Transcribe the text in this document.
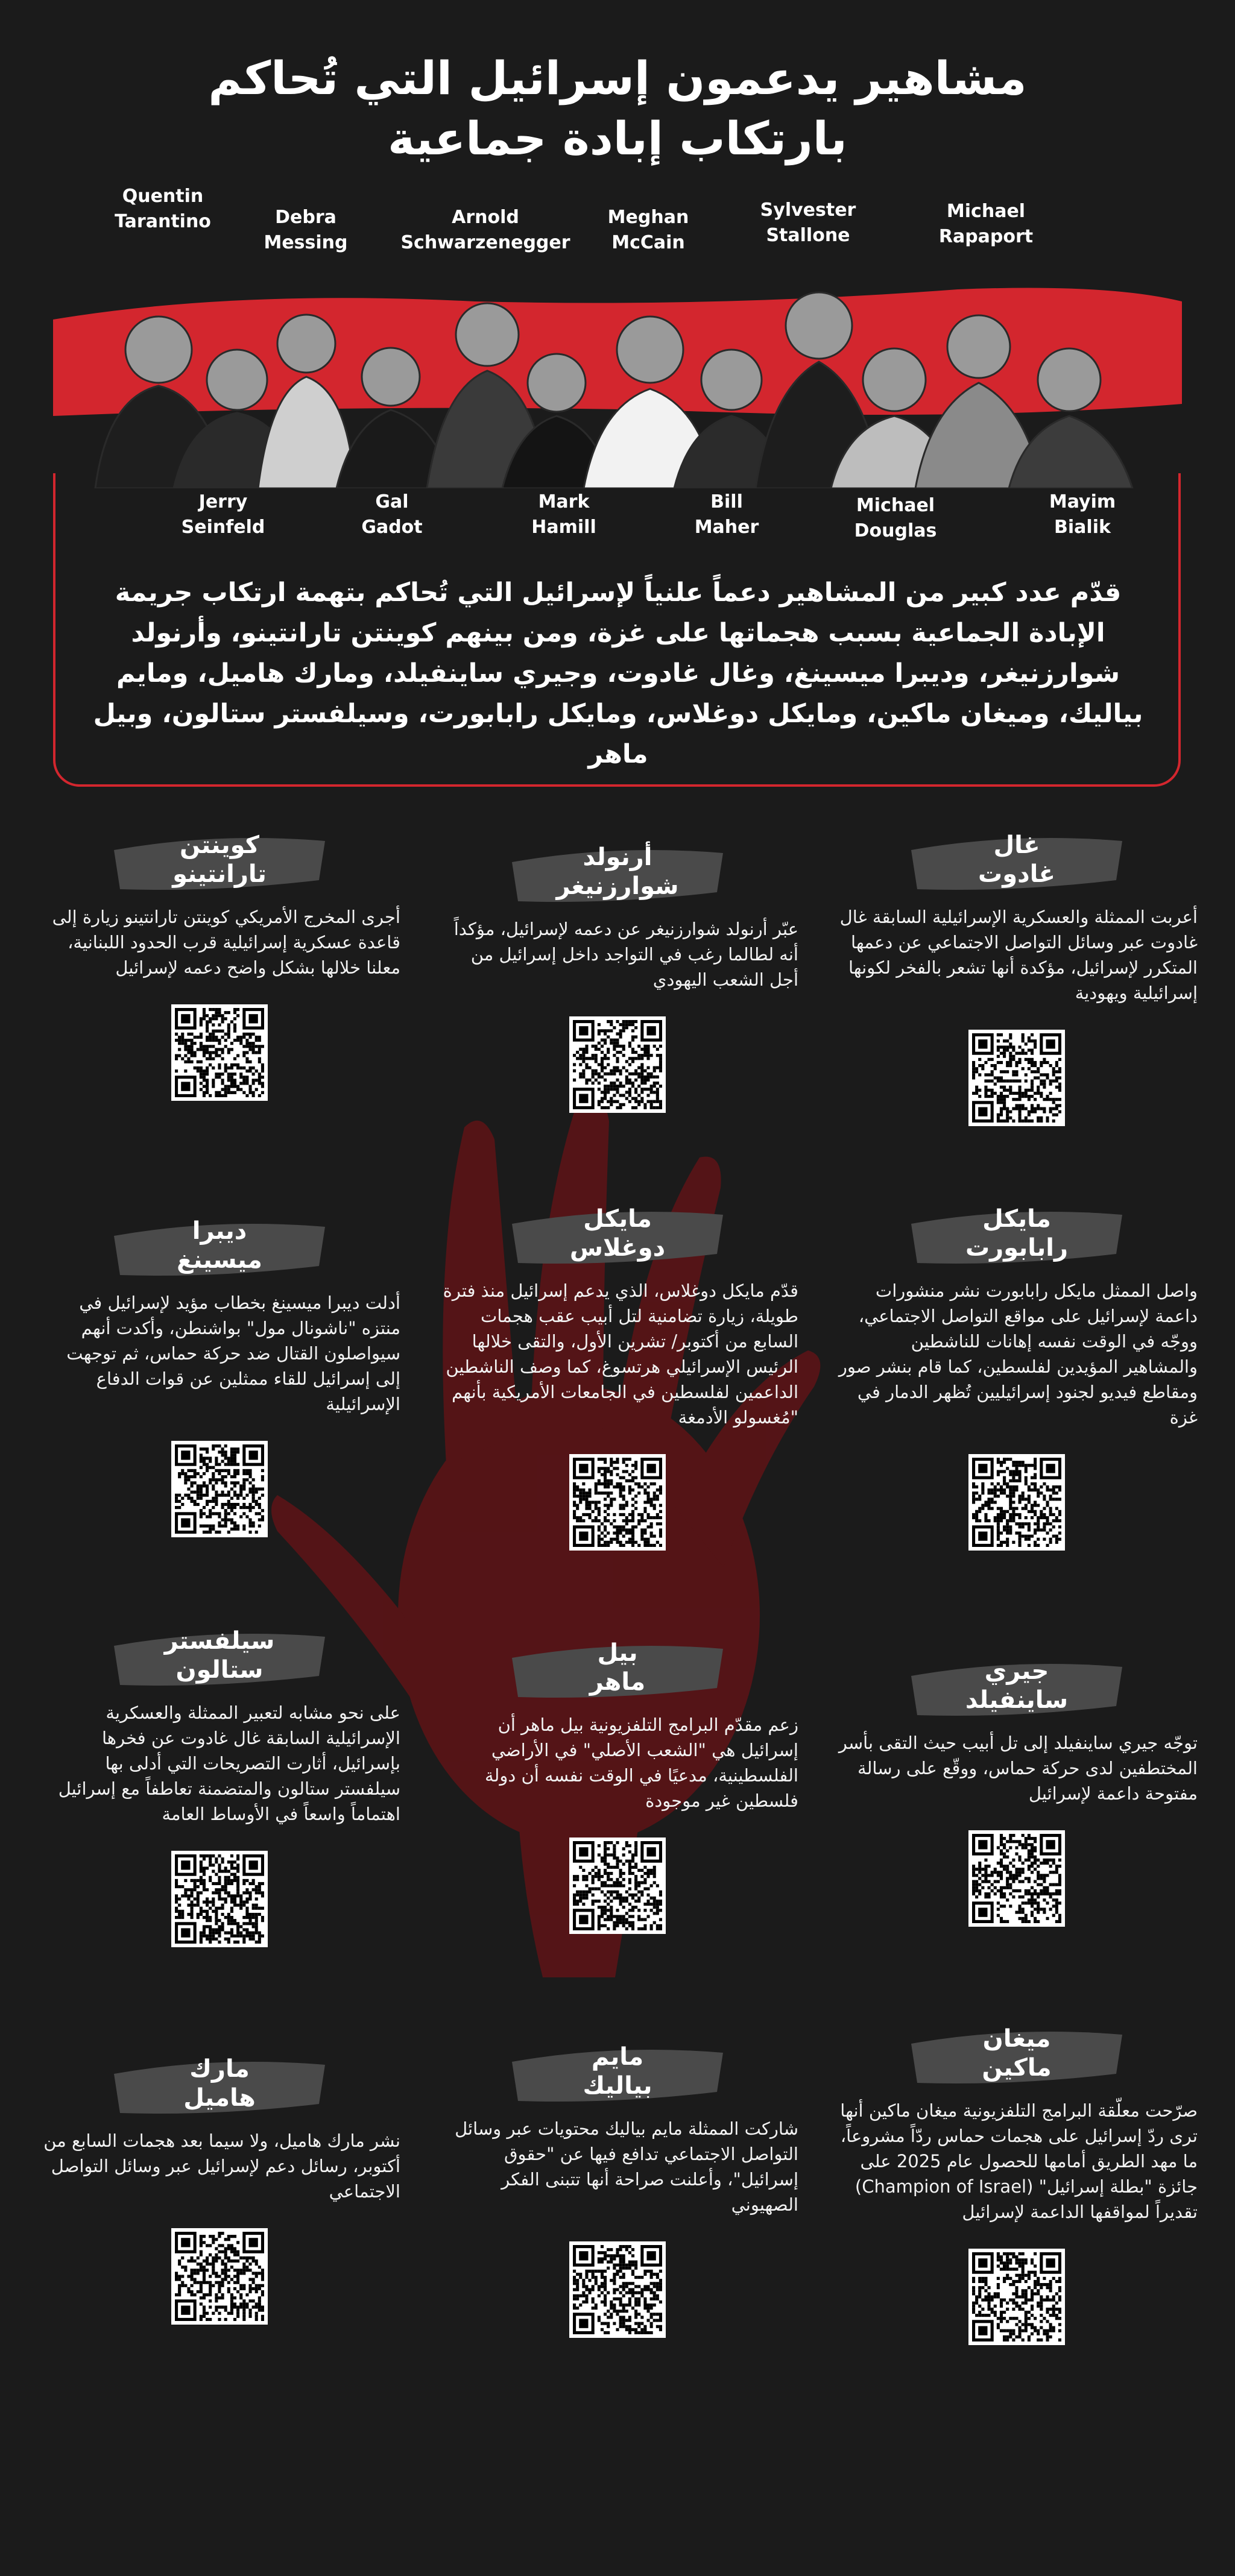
مشاهير يدعمون إسرائيل التي تُحاكم
بارتكاب إبادة جماعية
Quentin
Tarantino	Debra
Messing
Arnold
Schwarzenegger
Meghan
McCain
Sylvester
Stallone
Michael
Rapaport
Jerry
Seinfeld
Gal
Gadot
Mark
Hamill
Bill
Maher
Michael
Douglas
Mayim
Bialik
قدّم عدد كبير من المشاهير دعماً علنياً لإسرائيل التي تُحاكم بتهمة ارتكاب جريمة الإبادة الجماعية بسبب هجماتها على غزة، ومن بينهم كوينتن تارانتينو، وأرنولد شوارزنيغر، وديبرا ميسينغ، وغال غادوت، وجيري ساينفيلد، ومارك هاميل، ومايم بياليك، وميغان ماكين، ومايكل دوغلاس، ومايكل رابابورت، وسيلفستر ستالون، وبيل ماهر
غال
غادوت
أعربت الممثلة والعسكرية الإسرائيلية السابقة غال غادوت عبر وسائل التواصل الاجتماعي عن دعمها المتكرر لإسرائيل، مؤكدة أنها تشعر بالفخر لكونها إسرائيلية ويهودية
أرنولد
شوارزنيغر
عبّر أرنولد شوارزنيغر عن دعمه لإسرائيل، مؤكداً أنه لطالما رغب في التواجد داخل إسرائيل من أجل الشعب اليهودي
كوينتن
تارانتينو
أجرى المخرج الأمريكي كوينتن تارانتينو زيارة إلى قاعدة عسكرية إسرائيلية قرب الحدود اللبنانية، معلنا خلالها بشكل واضح دعمه لإسرائيل
مايكل
رابابورت
واصل الممثل مايكل رابابورت نشر منشورات داعمة لإسرائيل على مواقع التواصل الاجتماعي، ووجّه في الوقت نفسه إهانات للناشطين والمشاهير المؤيدين لفلسطين، كما قام بنشر صور ومقاطع فيديو لجنود إسرائيليين تُظهر الدمار في غزة
مايكل
دوغلاس
قدّم مايكل دوغلاس، الذي يدعم إسرائيل منذ فترة طويلة، زيارة تضامنية لتل أبيب عقب هجمات السابع من أكتوبر/ تشرين الأول، والتقى خلالها الرئيس الإسرائيلي هرتسوغ، كما وصف الناشطين الداعمين لفلسطين في الجامعات الأمريكية بأنهم "مُغسولو الأدمغة
ديبرا
ميسينغ
أدلت ديبرا ميسينغ بخطاب مؤيد لإسرائيل في منتزه "ناشونال مول" بواشنطن، وأكدت أنهم سيواصلون القتال ضد حركة حماس، ثم توجهت إلى إسرائيل للقاء ممثلين عن قوات الدفاع الإسرائيلية
جيري
ساينفيلد
توجّه جيري ساينفيلد إلى تل أبيب حيث التقى بأسر المختطفين لدى حركة حماس، ووقّع على رسالة مفتوحة داعمة لإسرائيل
بيل
ماهر
زعم مقدّم البرامج التلفزيونية بيل ماهر أن إسرائيل هي "الشعب الأصلي" في الأراضي الفلسطينية، مدعيًا في الوقت نفسه أن دولة فلسطين غير موجودة
سيلفستر
ستالون
على نحو مشابه لتعبير الممثلة والعسكرية الإسرائيلية السابقة غال غادوت عن فخرها بإسرائيل، أثارت التصريحات التي أدلى بها سيلفستر ستالون والمتضمنة تعاطفاً مع إسرائيل اهتماماً واسعاً في الأوساط العامة
ميغان
ماكين
صرّحت معلّقة البرامج التلفزيونية ميغان ماكين أنها ترى ردّ إسرائيل على هجمات حماس ردّاً مشروعاً، ما مهد الطريق أمامها للحصول عام 2025 على جائزة "بطلة إسرائيل" (Champion of Israel) تقديراً لمواقفها الداعمة لإسرائيل
مايم
بياليك
شاركت الممثلة مايم بياليك محتويات عبر وسائل التواصل الاجتماعي تدافع فيها عن "حقوق إسرائيل"، وأعلنت صراحة أنها تتبنى الفكر الصهيوني
مارك
هاميل
نشر مارك هاميل، ولا سيما بعد هجمات السابع من أكتوبر، رسائل دعم لإسرائيل عبر وسائل التواصل الاجتماعي
